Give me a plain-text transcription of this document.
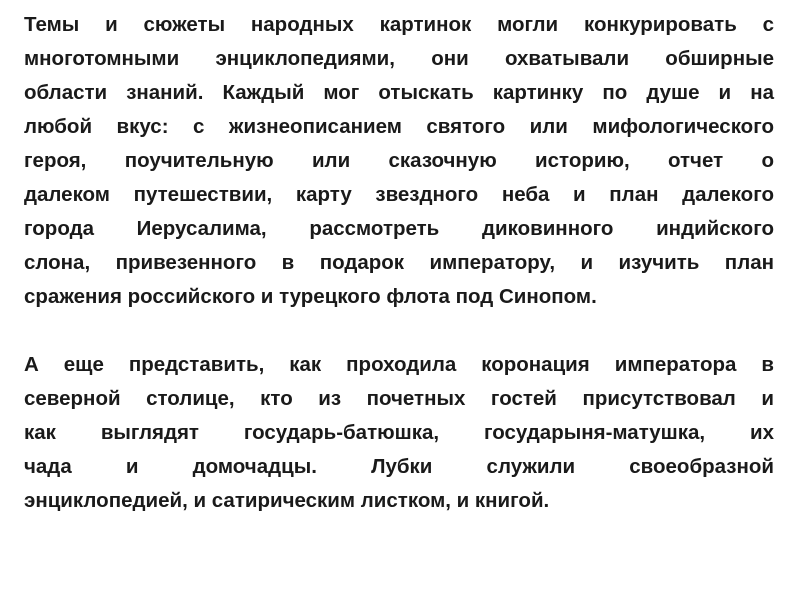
Темы и сюжеты народных картинок могли конкурировать с
многотомными энциклопедиями, они охватывали обширные
области знаний. Каждый мог отыскать картинку по душе и на
любой вкус: с жизнеописанием святого или мифологического
героя, поучительную или сказочную историю, отчет о
далеком путешествии, карту звездного неба и план далекого
города Иерусалима, рассмотреть диковинного индийского
слона, привезенного в подарок императору, и изучить план
сражения российского и турецкого флота под Синопом.
А еще представить, как проходила коронация императора в
северной столице, кто из почетных гостей присутствовал и
как выглядят государь-батюшка, государыня-матушка, их
чада и домочадцы. Лубки служили своеобразной
энциклопедией, и сатирическим листком, и книгой.
